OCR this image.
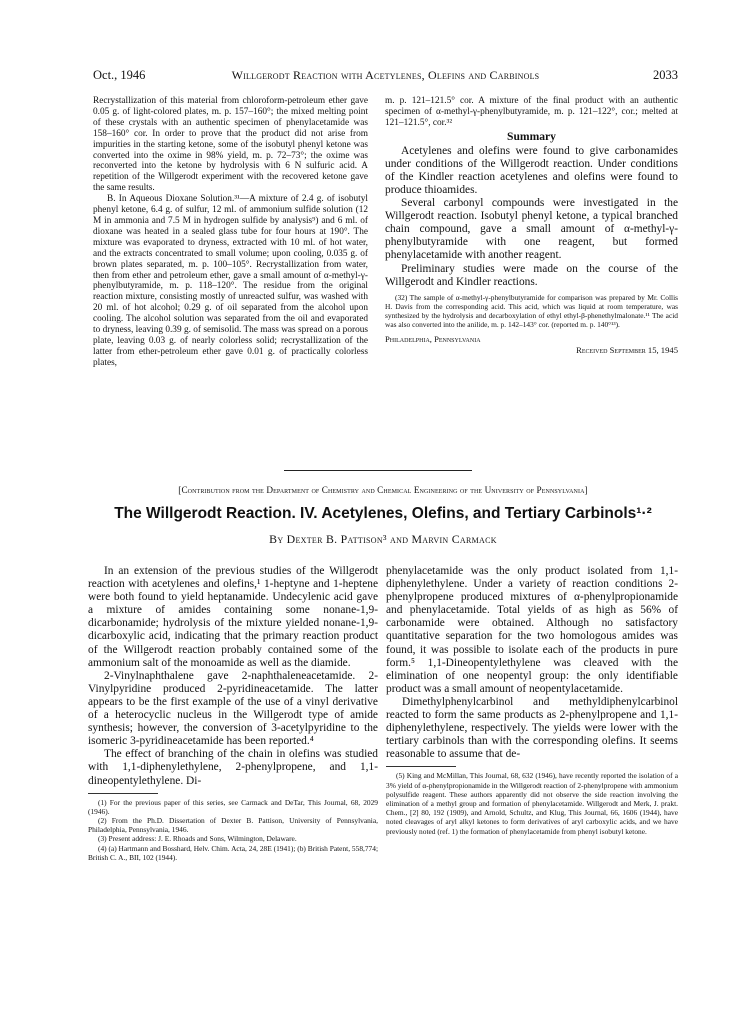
Oct., 1946	Willgerodt Reaction with Acetylenes, Olefins and Carbinols	2033

Recrystallization of this material from chloroform-petroleum ether gave 0.05 g. of light-colored plates, m. p. 157–160°; the mixed melting point of these crystals with an authentic specimen of phenylacetamide was 158–160° cor. In order to prove that the product did not arise from impurities in the starting ketone, some of the isobutyl phenyl ketone was converted into the oxime in 98% yield, m. p. 72–73°; the oxime was reconverted into the ketone by hydrolysis with 6 N sulfuric acid. A repetition of the Willgerodt experiment with the recovered ketone gave the same results.

B. In Aqueous Dioxane Solution.³¹—A mixture of 2.4 g. of isobutyl phenyl ketone, 6.4 g. of sulfur, 12 ml. of ammonium sulfide solution (12 M in ammonia and 7.5 M in hydrogen sulfide by analysis⁹) and 6 ml. of dioxane was heated in a sealed glass tube for four hours at 190°. The mixture was evaporated to dryness, extracted with 10 ml. of hot water, and the extracts concentrated to small volume; upon cooling, 0.035 g. of brown plates separated, m. p. 100–105°. Recrystallization from water, then from ether and petroleum ether, gave a small amount of α-methyl-γ-phenylbutyramide, m. p. 118–120°. The residue from the original reaction mixture, consisting mostly of unreacted sulfur, was washed with 20 ml. of hot alcohol; 0.29 g. of oil separated from the alcohol upon cooling. The alcohol solution was separated from the oil and evaporated to dryness, leaving 0.39 g. of semisolid. The mass was spread on a porous plate, leaving 0.03 g. of nearly colorless solid; recrystallization of the latter from ether-petroleum ether gave 0.01 g. of practically colorless plates,

m. p. 121–121.5° cor. A mixture of the final product with an authentic specimen of α-methyl-γ-phenylbutyramide, m. p. 121–122°, cor.; melted at 121–121.5°, cor.³²

Summary

Acetylenes and olefins were found to give carbonamides under conditions of the Willgerodt reaction. Under conditions of the Kindler reaction acetylenes and olefins were found to produce thioamides.

Several carbonyl compounds were investigated in the Willgerodt reaction. Isobutyl phenyl ketone, a typical branched chain compound, gave a small amount of α-methyl-γ-phenylbutyramide with one reagent, but formed phenylacetamide with another reagent.

Preliminary studies were made on the course of the Willgerodt and Kindler reactions.

(32) The sample of α-methyl-γ-phenylbutyramide for comparison was prepared by Mr. Collis H. Davis from the corresponding acid. This acid, which was liquid at room temperature, was synthesized by the hydrolysis and decarboxylation of ethyl ethyl-β-phenethylmalonate.¹¹ The acid was also converted into the anilide, m. p. 142–143° cor. (reported m. p. 140°¹³).

Philadelphia, Pennsylvania
Received September 15, 1945
[Contribution from the Department of Chemistry and Chemical Engineering of the University of Pennsylvania]
The Willgerodt Reaction. IV. Acetylenes, Olefins, and Tertiary Carbinols¹·²
By Dexter B. Pattison³ and Marvin Carmack

In an extension of the previous studies of the Willgerodt reaction with acetylenes and olefins,¹ 1-heptyne and 1-heptene were both found to yield heptanamide. Undecylenic acid gave a mixture of amides containing some nonane-1,9-dicarbonamide; hydrolysis of the mixture yielded nonane-1,9-dicarboxylic acid, indicating that the primary reaction product of the Willgerodt reaction probably contained some of the ammonium salt of the monoamide as well as the diamide.

2-Vinylnaphthalene gave 2-naphthaleneacetamide. 2-Vinylpyridine produced 2-pyridineacetamide. The latter appears to be the first example of the use of a vinyl derivative of a heterocyclic nucleus in the Willgerodt type of amide synthesis; however, the conversion of 3-acetylpyridine to the isomeric 3-pyridineacetamide has been reported.⁴

The effect of branching of the chain in olefins was studied with 1,1-diphenylethylene, 2-phenylpropene, and 1,1-dineopentylethylene. Di-

(1) For the previous paper of this series, see Carmack and DeTar, This Journal, 68, 2029 (1946).

(2) From the Ph.D. Dissertation of Dexter B. Pattison, University of Pennsylvania, Philadelphia, Pennsylvania, 1946.

(3) Present address: J. E. Rhoads and Sons, Wilmington, Delaware.

(4) (a) Hartmann and Bosshard, Helv. Chim. Acta, 24, 28E (1941); (b) British Patent, 558,774; British C. A., BII, 102 (1944).

phenylacetamide was the only product isolated from 1,1-diphenylethylene. Under a variety of reaction conditions 2-phenylpropene produced mixtures of α-phenylpropionamide and phenylacetamide. Total yields of as high as 56% of carbonamide were obtained. Although no satisfactory quantitative separation for the two homologous amides was found, it was possible to isolate each of the products in pure form.⁵ 1,1-Dineopentylethylene was cleaved with the elimination of one neopentyl group: the only identifiable product was a small amount of neopentylacetamide.

Dimethylphenylcarbinol and methyldiphenylcarbinol reacted to form the same products as 2-phenylpropene and 1,1-diphenylethylene, respectively. The yields were lower with the tertiary carbinols than with the corresponding olefins. It seems reasonable to assume that de-

(5) King and McMillan, This Journal, 68, 632 (1946), have recently reported the isolation of a 3% yield of α-phenylpropionamide in the Willgerodt reaction of 2-phenylpropene with ammonium polysulfide reagent. These authors apparently did not observe the side reaction involving the elimination of a methyl group and formation of phenylacetamide. Willgerodt and Merk, J. prakt. Chem., [2] 80, 192 (1909), and Arnold, Schultz, and Klug, This Journal, 66, 1606 (1944), have noted cleavages of aryl alkyl ketones to form derivatives of aryl carboxylic acids, and we have previously noted (ref. 1) the formation of phenylacetamide from phenyl isobutyl ketone.
